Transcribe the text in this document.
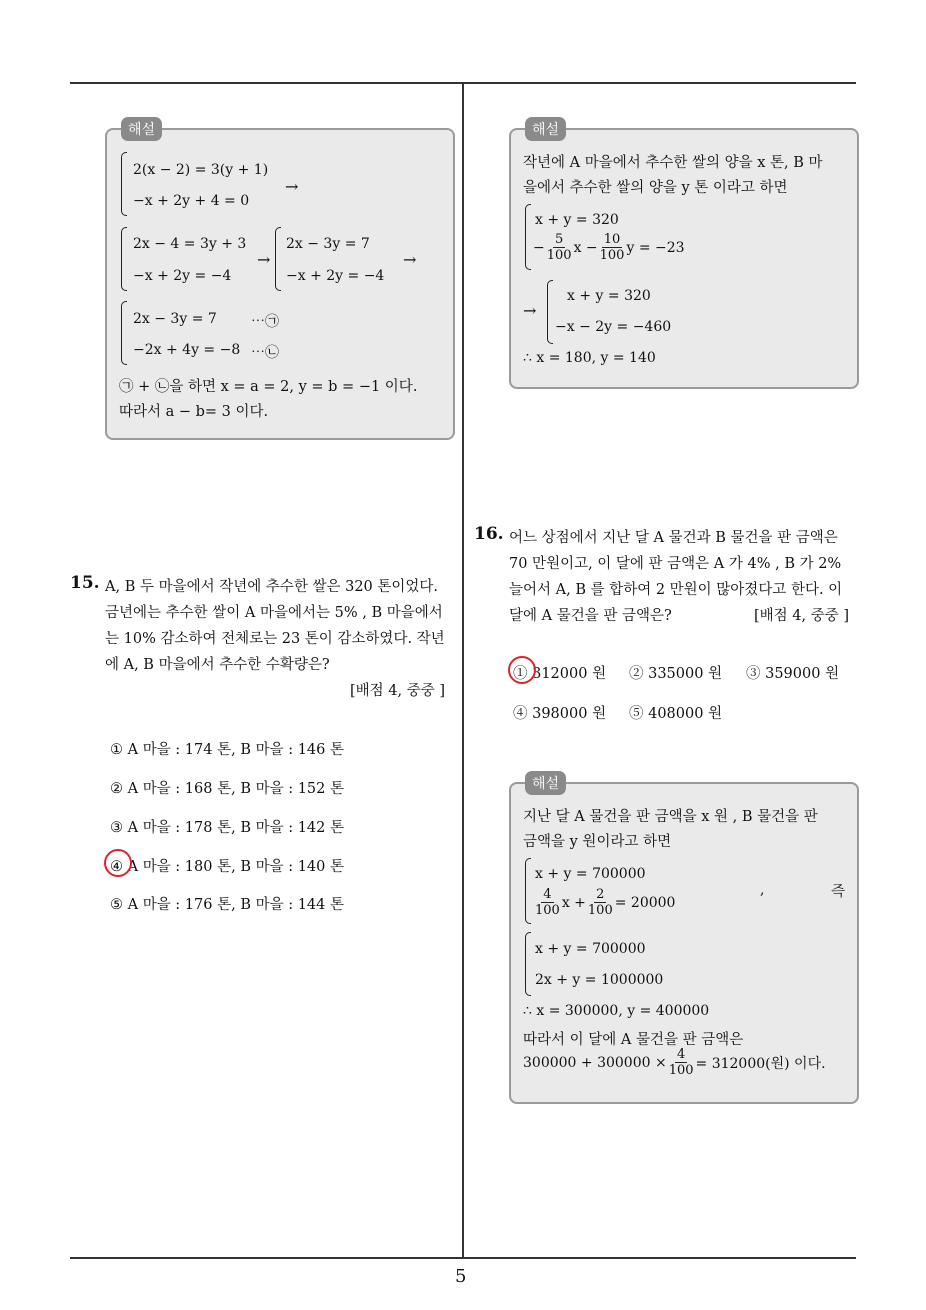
5
해설
2(x − 2) = 3(y + 1)
−x + 2y + 4 = 0
→
2x − 4 = 3y + 3
−x + 2y = −4
→
2x − 3y = 7
−x + 2y = −4
→
2x − 3y = 7 ⋯㉠
−2x + 4y = −8 ⋯㉡
㉠ + ㉡을 하면 x = a = 2, y = b = −1 이다.
따라서 a − b= 3 이다.
15. A, B 두 마을에서 작년에 추수한 쌀은 320 톤이었다.
금년에는 추수한 쌀이 A 마을에서는 5% , B 마을에서
는 10% 감소하여 전체로는 23 톤이 감소하였다. 작년
에 A, B 마을에서 추수한 수확량은?
[배점 4, 중중 ]
① A 마을 : 174 톤, B 마을 : 146 톤
② A 마을 : 168 톤, B 마을 : 152 톤
③ A 마을 : 178 톤, B 마을 : 142 톤
④ A 마을 : 180 톤, B 마을 : 140 톤
⑤ A 마을 : 176 톤, B 마을 : 144 톤
해설
작년에 A 마을에서 추수한 쌀의 양을 x 톤, B 마
을에서 추수한 쌀의 양을 y 톤 이라고 하면
x + y = 320
− $\frac{5}{100}$ $x - \frac{10}{100}$ y = −23
→
x + y = 320
−x − 2y = −460
∴ x = 180, y = 140
16. 어느 상점에서 지난 달 A 물건과 B 물건을 판 금액은
70 만원이고, 이 달에 판 금액은 A 가 4% , B 가 2%
늘어서 A, B 를 합하여 2 만원이 많아졌다고 한다. 이
달에 A 물건을 판 금액은?	[배점 4, 중중 ]
① 312000 원 ② 335000 원 ③ 359000 원
④ 398000 원 ⑤ 408000 원
해설
지난 달 A 물건을 판 금액을 x 원 , B 물건을 판
금액을 y 원이라고 하면
x + y = 700000
$\frac{4}{100}$ $x + \frac{2}{100} = 20000$
,	즉
x + y = 700000
2x + y = 1000000
∴ x = 300000, y = 400000
따라서 이 달에 A 물건을 판 금액은
$300000 + 300000 \times \frac{4}{100} = 312000$(원) 이다.
